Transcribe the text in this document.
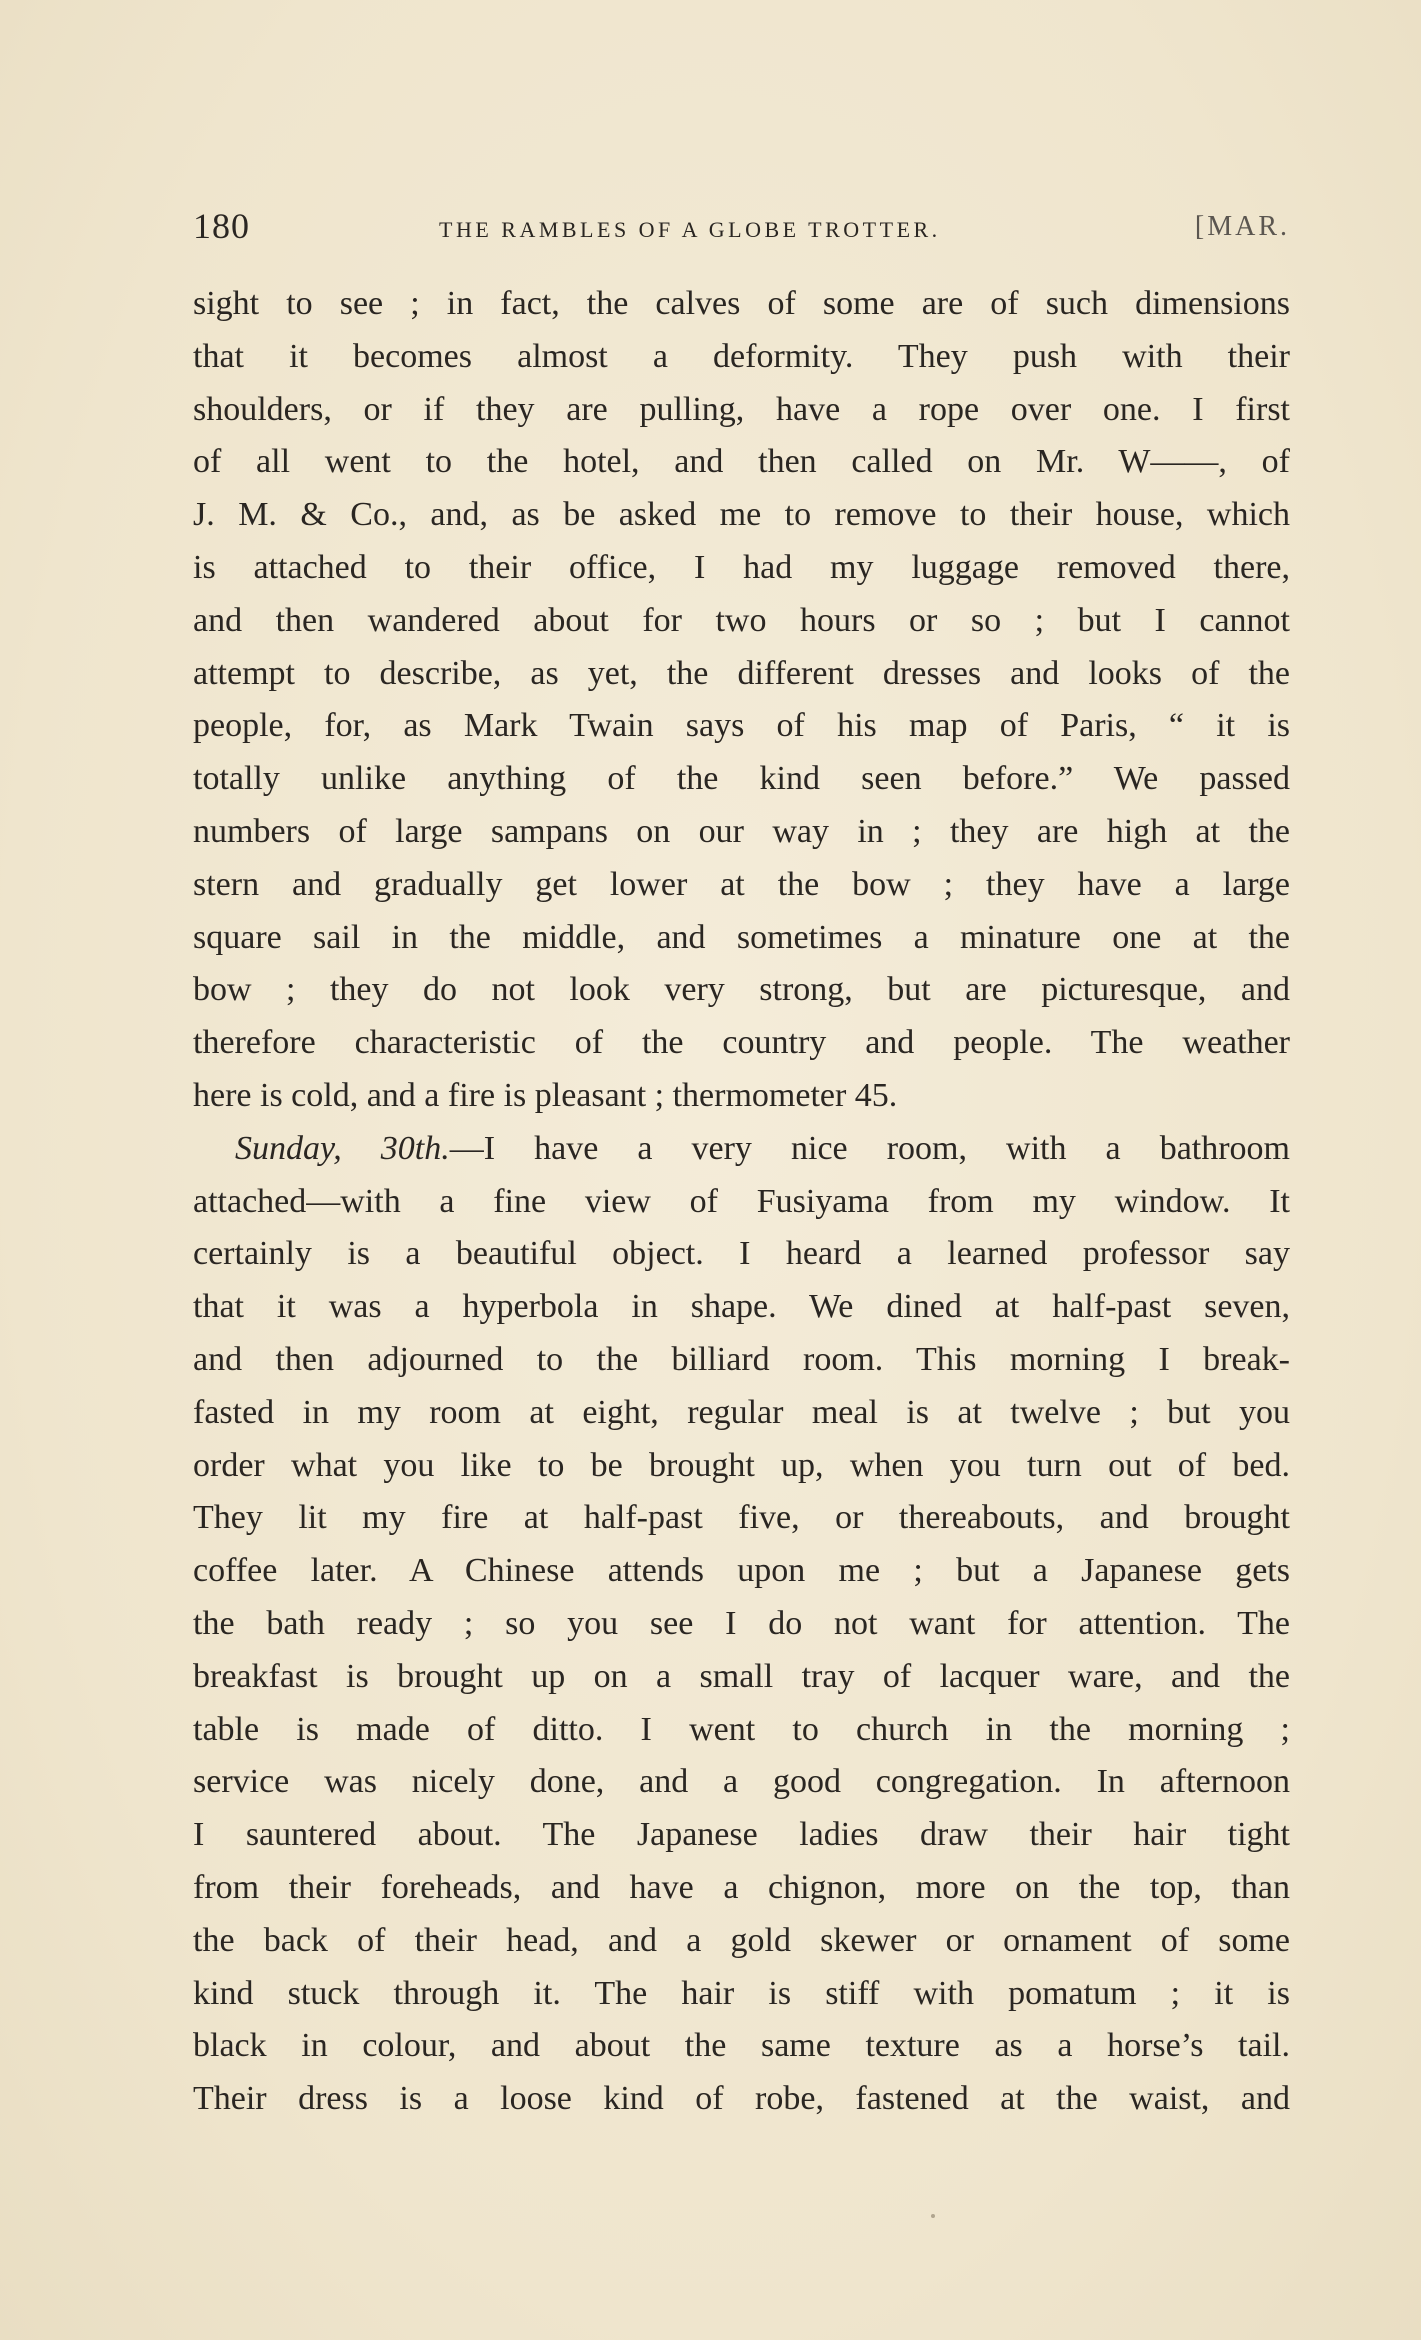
180	THE RAMBLES OF A GLOBE TROTTER.	[MAR.
sight to see ; in fact, the calves of some are of such dimensions
that it becomes almost a deformity. They push with their
shoulders, or if they are pulling, have a rope over one. I first
of all went to the hotel, and then called on Mr. W——, of
J. M. & Co., and, as be asked me to remove to their house, which
is attached to their office, I had my luggage removed there,
and then wandered about for two hours or so ; but I cannot
attempt to describe, as yet, the different dresses and looks of the
people, for, as Mark Twain says of his map of Paris, “ it is
totally unlike anything of the kind seen before.” We passed
numbers of large sampans on our way in ; they are high at the
stern and gradually get lower at the bow ; they have a large
square sail in the middle, and sometimes a minature one at the
bow ; they do not look very strong, but are picturesque, and
therefore characteristic of the country and people. The weather
here is cold, and a fire is pleasant ; thermometer 45.
Sunday, 30th.—I have a very nice room, with a bathroom
attached—with a fine view of Fusiyama from my window. It
certainly is a beautiful object. I heard a learned professor say
that it was a hyperbola in shape. We dined at half-past seven,
and then adjourned to the billiard room. This morning I break-
fasted in my room at eight, regular meal is at twelve ; but you
order what you like to be brought up, when you turn out of bed.
They lit my fire at half-past five, or thereabouts, and brought
coffee later. A Chinese attends upon me ; but a Japanese gets
the bath ready ; so you see I do not want for attention. The
breakfast is brought up on a small tray of lacquer ware, and the
table is made of ditto. I went to church in the morning ;
service was nicely done, and a good congregation. In afternoon
I sauntered about. The Japanese ladies draw their hair tight
from their foreheads, and have a chignon, more on the top, than
the back of their head, and a gold skewer or ornament of some
kind stuck through it. The hair is stiff with pomatum ; it is
black in colour, and about the same texture as a horse’s tail.
Their dress is a loose kind of robe, fastened at the waist, and
